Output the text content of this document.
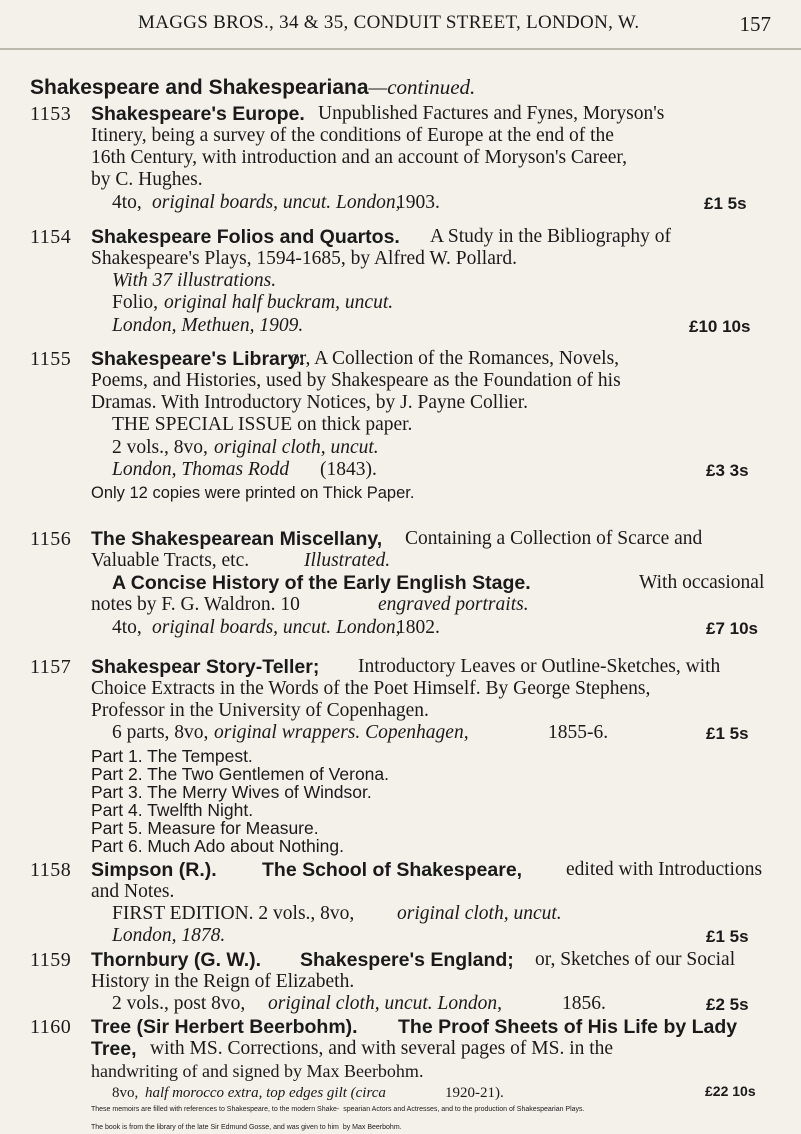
MAGGS BROS., 34 & 35, CONDUIT STREET, LONDON, W.	157
Shakespeare and Shakespeariana—continued.
1153 Shakespeare's Europe. Unpublished Factures and Fynes, Moryson's
Itinery, being a survey of the conditions of Europe at the end of the
16th Century, with introduction and an account of Moryson's Career,
by C. Hughes.
4to, original boards, uncut. London,
1903.	£1 5s
1154 Shakespeare Folios and Quartos. A Study in the Bibliography of
Shakespeare's Plays, 1594-1685, by Alfred W. Pollard.
With 37 illustrations.
Folio, original half buckram, uncut.
London, Methuen, 1909.	£10 10s
1155 Shakespeare's Library:
or, A Collection of the Romances, Novels,
Poems, and Histories, used by Shakespeare as the Foundation of his
Dramas. With Introductory Notices, by J. Payne Collier.
THE SPECIAL ISSUE on thick paper.
2 vols., 8vo, original cloth, uncut.
London, Thomas Rodd (1843).	£3 3s
Only 12 copies were printed on Thick Paper.
1156 The Shakespearean Miscellany, Containing a Collection of Scarce and
Valuable Tracts, etc.	Illustrated.
A Concise History of the Early English Stage.	With occasional
notes by F. G. Waldron. 10	engraved portraits.
4to, original boards, uncut. London,
1802.	£7 10s
1157 Shakespear Story-Teller; Introductory Leaves or Outline-Sketches, with
Choice Extracts in the Words of the Poet Himself. By George Stephens,
Professor in the University of Copenhagen.
6 parts, 8vo, original wrappers. Copenhagen,	1855-6.	£1 5s
Part 1. The Tempest.
Part 2. The Two Gentlemen of Verona.
Part 3. The Merry Wives of Windsor.
Part 4. Twelfth Night.
Part 5. Measure for Measure.
Part 6. Much Ado about Nothing.
1158 Simpson (R.). The School of Shakespeare, edited with Introductions
and Notes.
FIRST EDITION. 2 vols., 8vo, original cloth, uncut.
London, 1878.	£1 5s
1159 Thornbury (G. W.). Shakespere's England; or, Sketches of our Social
History in the Reign of Elizabeth.
2 vols., post 8vo, original cloth, uncut. London,	1856.	£2 5s
1160 Tree (Sir Herbert Beerbohm). The Proof Sheets of His Life by Lady
Tree, with MS. Corrections, and with several pages of MS. in the
handwriting of and signed by Max Beerbohm.
8vo, half morocco extra, top edges gilt (circa	1920-21).	£22 10s
These memoirs are filled with references to Shakespeare, to the modern Shake- spearian Actors and Actresses, and to the production of Shakespearian Plays. The book is from the library of the late Sir Edmund Gosse, and was given to him by Max Beerbohm.
